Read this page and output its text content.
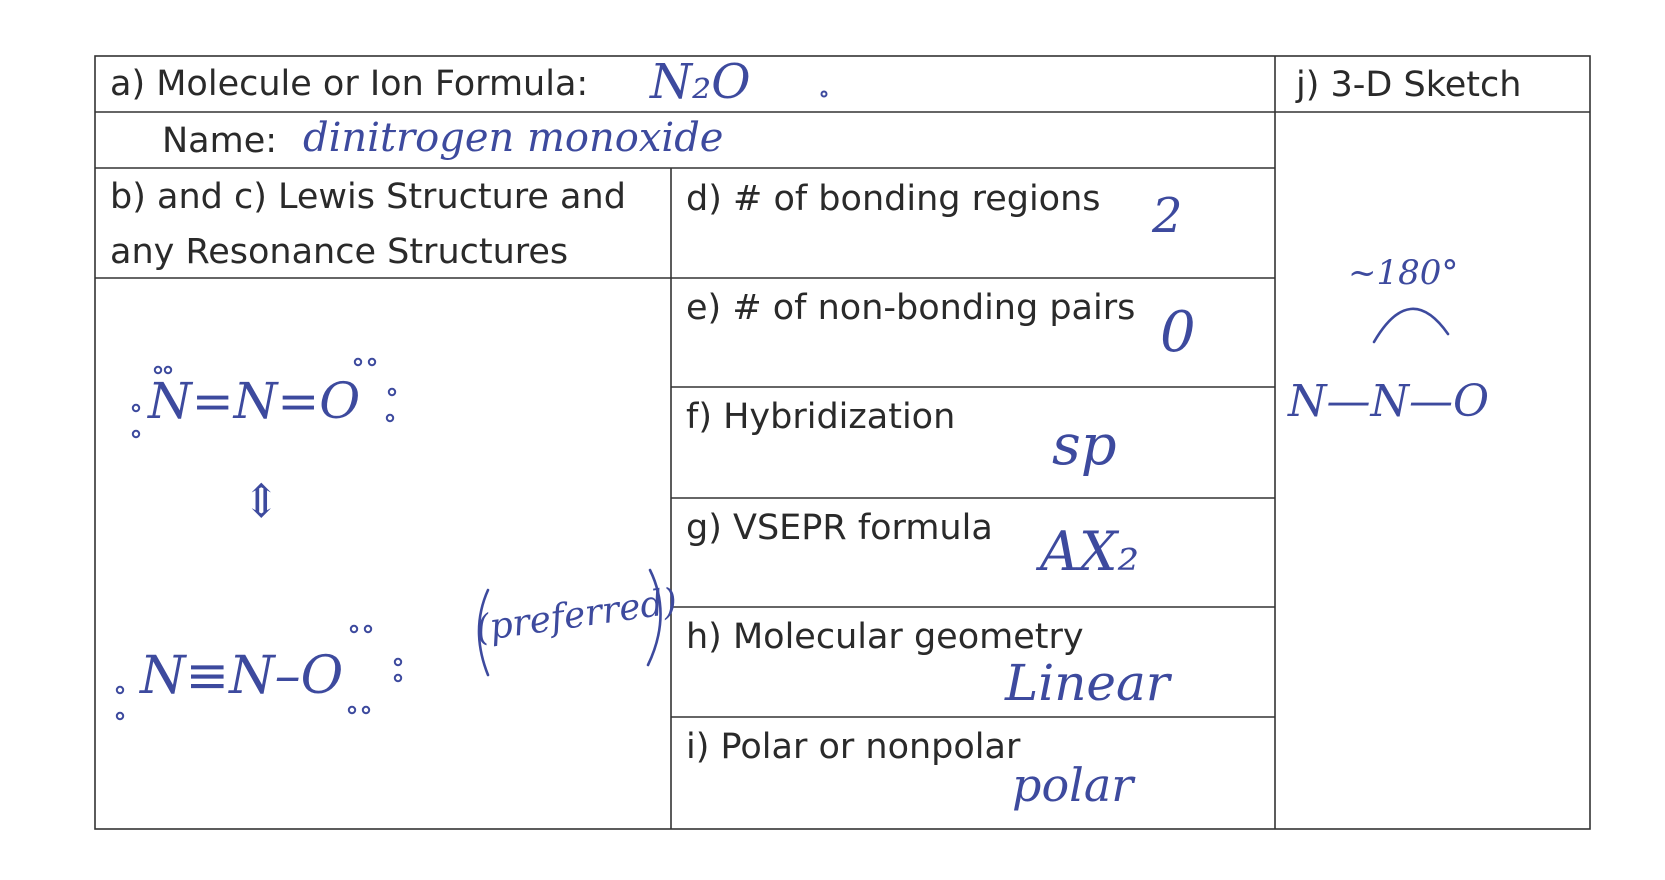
a) Molecule or Ion Formula:
Name:
b) and c) Lewis Structure and
any Resonance Structures
d) # of bonding regions
e) # of non-bonding pairs
f) Hybridization
g) VSEPR formula
h) Molecular geometry
i) Polar or nonpolar
j) 3-D Sketch
N₂O
dinitrogen monoxide
2
0
sp
AX₂
Linear
polar
N=N=O
⇕
N≡N–O
(preferred)
~180°
N—N—O
